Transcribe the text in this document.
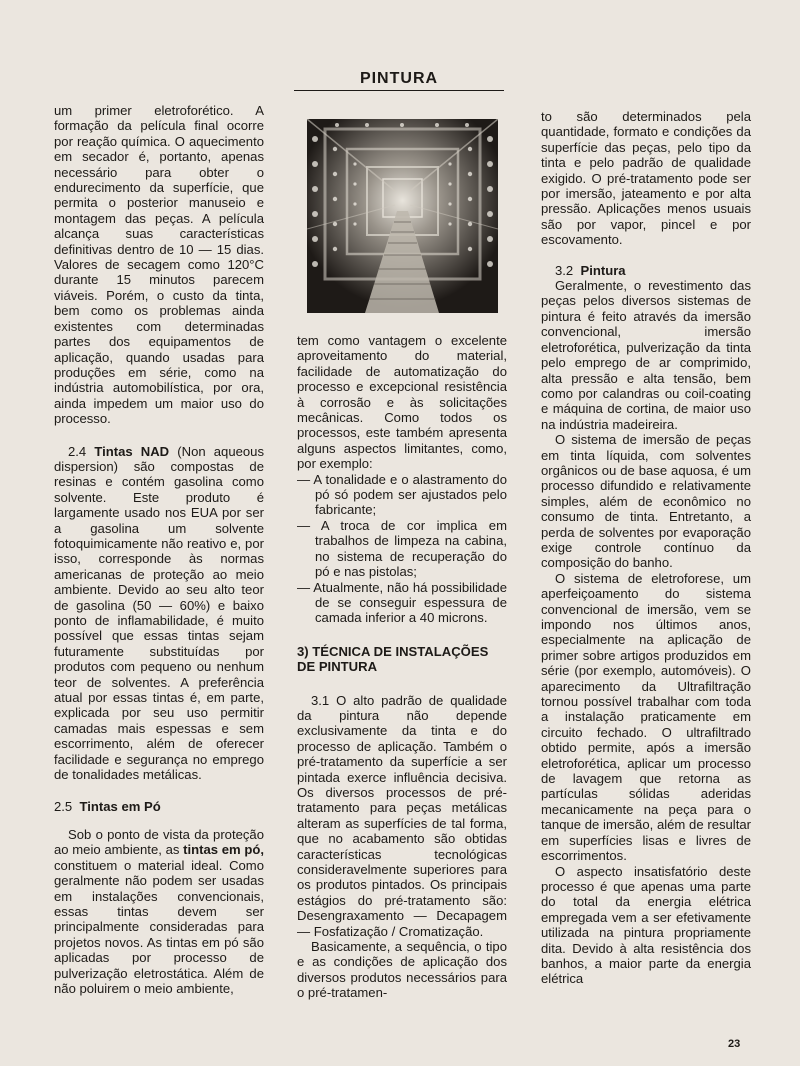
PINTURA

um primer eletroforético. A formação da película final ocorre por reação química. O aquecimento em secador é, portanto, apenas necessário para obter o endurecimento da superfície, que permita o posterior manuseio e montagem das peças. A película alcança suas características definitivas dentro de 10 — 15 dias. Valores de secagem como 120°C durante 15 minutos parecem viáveis. Porém, o custo da tinta, bem como os problemas ainda existentes com determinadas partes dos equipamentos de aplicação, quando usadas para produções em série, como na indústria automobilística, por ora, ainda impedem um maior uso do processo.

2.4 Tintas NAD (Non aqueous dispersion) são compostas de resinas e contém gasolina como solvente. Este produto é largamente usado nos EUA por ser a gasolina um solvente fotoquimicamente não reativo e, por isso, corresponde às normas americanas de proteção ao meio ambiente. Devido ao seu alto teor de gasolina (50 — 60%) e baixo ponto de inflamabilidade, é muito possível que essas tintas sejam futuramente substituídas por produtos com pequeno ou nenhum teor de solventes. A preferência atual por essas tintas é, em parte, explicada por seu uso permitir camadas mais espessas e sem escorrimento, além de oferecer facilidade e segurança no emprego de tonalidades metálicas.

2.5 Tintas em Pó

Sob o ponto de vista da proteção ao meio ambiente, as tintas em pó, constituem o material ideal. Como geralmente não podem ser usadas em instalações convencionais, essas tintas devem ser principalmente consideradas para projetos novos. As tintas em pó são aplicadas por processo de pulverização eletrostática. Além de não poluirem o meio ambiente,

tem como vantagem o excelente aproveitamento do material, facilidade de automatização do processo e excepcional resistência à corrosão e às solicitações mecânicas. Como todos os processos, este também apresenta alguns aspectos limitantes, como, por exemplo:

— A tonalidade e o alastramento do pó só podem ser ajustados pelo fabricante;

— A troca de cor implica em trabalhos de limpeza na cabina, no sistema de recuperação do pó e nas pistolas;

— Atualmente, não há possibilidade de se conseguir espessura de camada inferior a 40 microns.

3) TÉCNICA DE INSTALAÇÕES DE PINTURA

3.1 O alto padrão de qualidade da pintura não depende exclusivamente da tinta e do processo de aplicação. Também o pré-tratamento da superfície a ser pintada exerce influência decisiva. Os diversos processos de pré-tratamento para peças metálicas alteram as superfícies de tal forma, que no acabamento são obtidas características tecnológicas consideravelmente superiores para os produtos pintados. Os principais estágios do pré-tratamento são: Desengraxamento — Decapagem — Fosfatização / Cromatização.

Basicamente, a sequência, o tipo e as condições de aplicação dos diversos produtos necessários para o pré-tratamen-

to são determinados pela quantidade, formato e condições da superfície das peças, pelo tipo da tinta e pelo padrão de qualidade exigido. O pré-tratamento pode ser por imersão, jateamento e por alta pressão. Aplicações menos usuais são por vapor, pincel e por escovamento.

3.2 Pintura

Geralmente, o revestimento das peças pelos diversos sistemas de pintura é feito através da imersão convencional, imersão eletroforética, pulverização da tinta pelo emprego de ar comprimido, alta pressão e alta tensão, bem como por calandras ou coil-coating e máquina de cortina, de maior uso na indústria madeireira.

O sistema de imersão de peças em tinta líquida, com solventes orgânicos ou de base aquosa, é um processo difundido e relativamente simples, além de econômico no consumo de tinta. Entretanto, a perda de solventes por evaporação exige controle contínuo da composição do banho.

O sistema de eletroforese, um aperfeiçoamento do sistema convencional de imersão, vem se impondo nos últimos anos, especialmente na aplicação de primer sobre artigos produzidos em série (por exemplo, automóveis). O aparecimento da Ultrafiltração tornou possível trabalhar com toda a instalação praticamente em circuito fechado. O ultrafiltrado obtido permite, após a imersão eletroforética, aplicar um processo de lavagem que retorna as partículas sólidas aderidas mecanicamente na peça para o tanque de imersão, além de resultar em superfícies lisas e livres de escorrimentos.

O aspecto insatisfatório deste processo é que apenas uma parte do total da energia elétrica empregada vem a ser efetivamente utilizada na pintura propriamente dita. Devido à alta resistência dos banhos, a maior parte da energia elétrica

23
